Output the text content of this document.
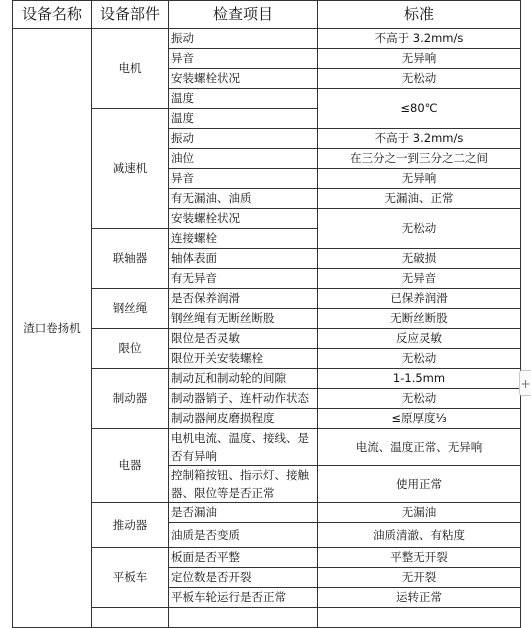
设备名称	设备部件	检查项目	标准
渣口卷扬机	电机	振动	不高于 3.2mm/s
		异音	无异响
		安装螺栓状况	无松动
		温度	≤80℃
	减速机	温度	
		振动	不高于 3.2mm/s
		油位	在三分之一到三分之二之间
		异音	无异响
		有无漏油、油质	无漏油、正常
		安装螺栓状况	无松动
	联轴器	连接螺栓	
		轴体表面	无破损
		有无异音	无异音
	钢丝绳	是否保养润滑	已保养润滑
		钢丝绳有无断丝断股	无断丝断股
	限位	限位是否灵敏	反应灵敏
		限位开关安装螺栓	无松动
	制动器	制动瓦和制动轮的间隙	1-1.5mm
		制动器销子、连杆动作状态	无松动
		制动器闸皮磨损程度	≤原厚度⅓
	电器	电机电流、温度、接线、是否有异响	电流、温度正常、无异响
		控制箱按钮、指示灯、接触器、限位等是否正常	使用正常
	推动器	是否漏油	无漏油
		油质是否变质	油质清澈、有粘度
	平板车	板面是否平整	平整无开裂
		定位数是否开裂	无开裂
		平板车轮运行是否正常	运转正常

+
